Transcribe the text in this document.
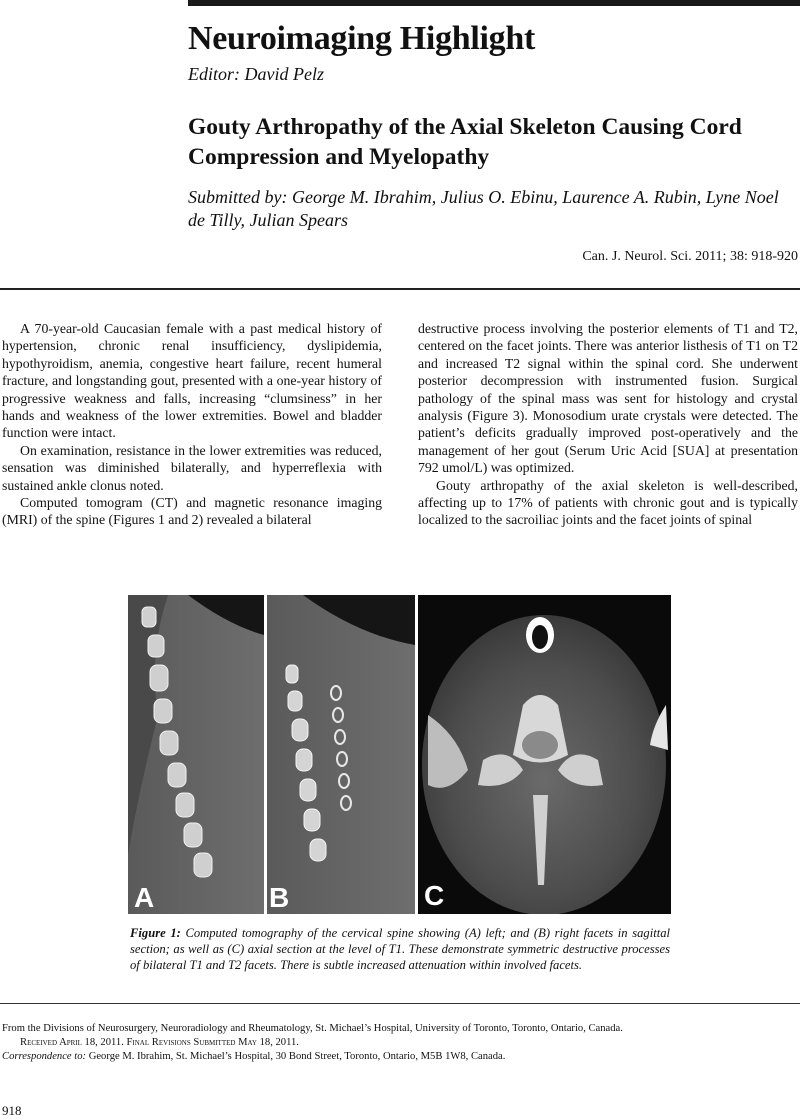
Neuroimaging Highlight
Editor: David Pelz
Gouty Arthropathy of the Axial Skeleton Causing Cord Compression and Myelopathy
Submitted by: George M. Ibrahim, Julius O. Ebinu, Laurence A. Rubin, Lyne Noel de Tilly, Julian Spears
Can. J. Neurol. Sci. 2011; 38: 918-920

A 70-year-old Caucasian female with a past medical history of hypertension, chronic renal insufficiency, dyslipidemia, hypothyroidism, anemia, congestive heart failure, recent humeral fracture, and longstanding gout, presented with a one-year history of progressive weakness and falls, increasing “clumsiness” in her hands and weakness of the lower extremities. Bowel and bladder function were intact.

On examination, resistance in the lower extremities was reduced, sensation was diminished bilaterally, and hyperreflexia with sustained ankle clonus noted.

Computed tomogram (CT) and magnetic resonance imaging (MRI) of the spine (Figures 1 and 2) revealed a bilateral

destructive process involving the posterior elements of T1 and T2, centered on the facet joints. There was anterior listhesis of T1 on T2 and increased T2 signal within the spinal cord. She underwent posterior decompression with instrumented fusion. Surgical pathology of the spinal mass was sent for histology and crystal analysis (Figure 3). Monosodium urate crystals were detected. The patient’s deficits gradually improved post-operatively and the management of her gout (Serum Uric Acid [SUA] at presentation 792 umol/L) was optimized.

Gouty arthropathy of the axial skeleton is well-described, affecting up to 17% of patients with chronic gout and is typically localized to the sacroiliac joints and the facet joints of spinal

A	B	C
Figure 1: Computed tomography of the cervical spine showing (A) left; and (B) right facets in sagittal section; as well as (C) axial section at the level of T1. These demonstrate symmetric destructive processes of bilateral T1 and T2 facets. There is subtle increased attenuation within involved facets.
From the Divisions of Neurosurgery, Neuroradiology and Rheumatology, St. Michael’s Hospital, University of Toronto, Toronto, Ontario, Canada.
Received April 18, 2011. Final Revisions Submitted May 18, 2011.
Correspondence to: George M. Ibrahim, St. Michael’s Hospital, 30 Bond Street, Toronto, Ontario, M5B 1W8, Canada.
918
